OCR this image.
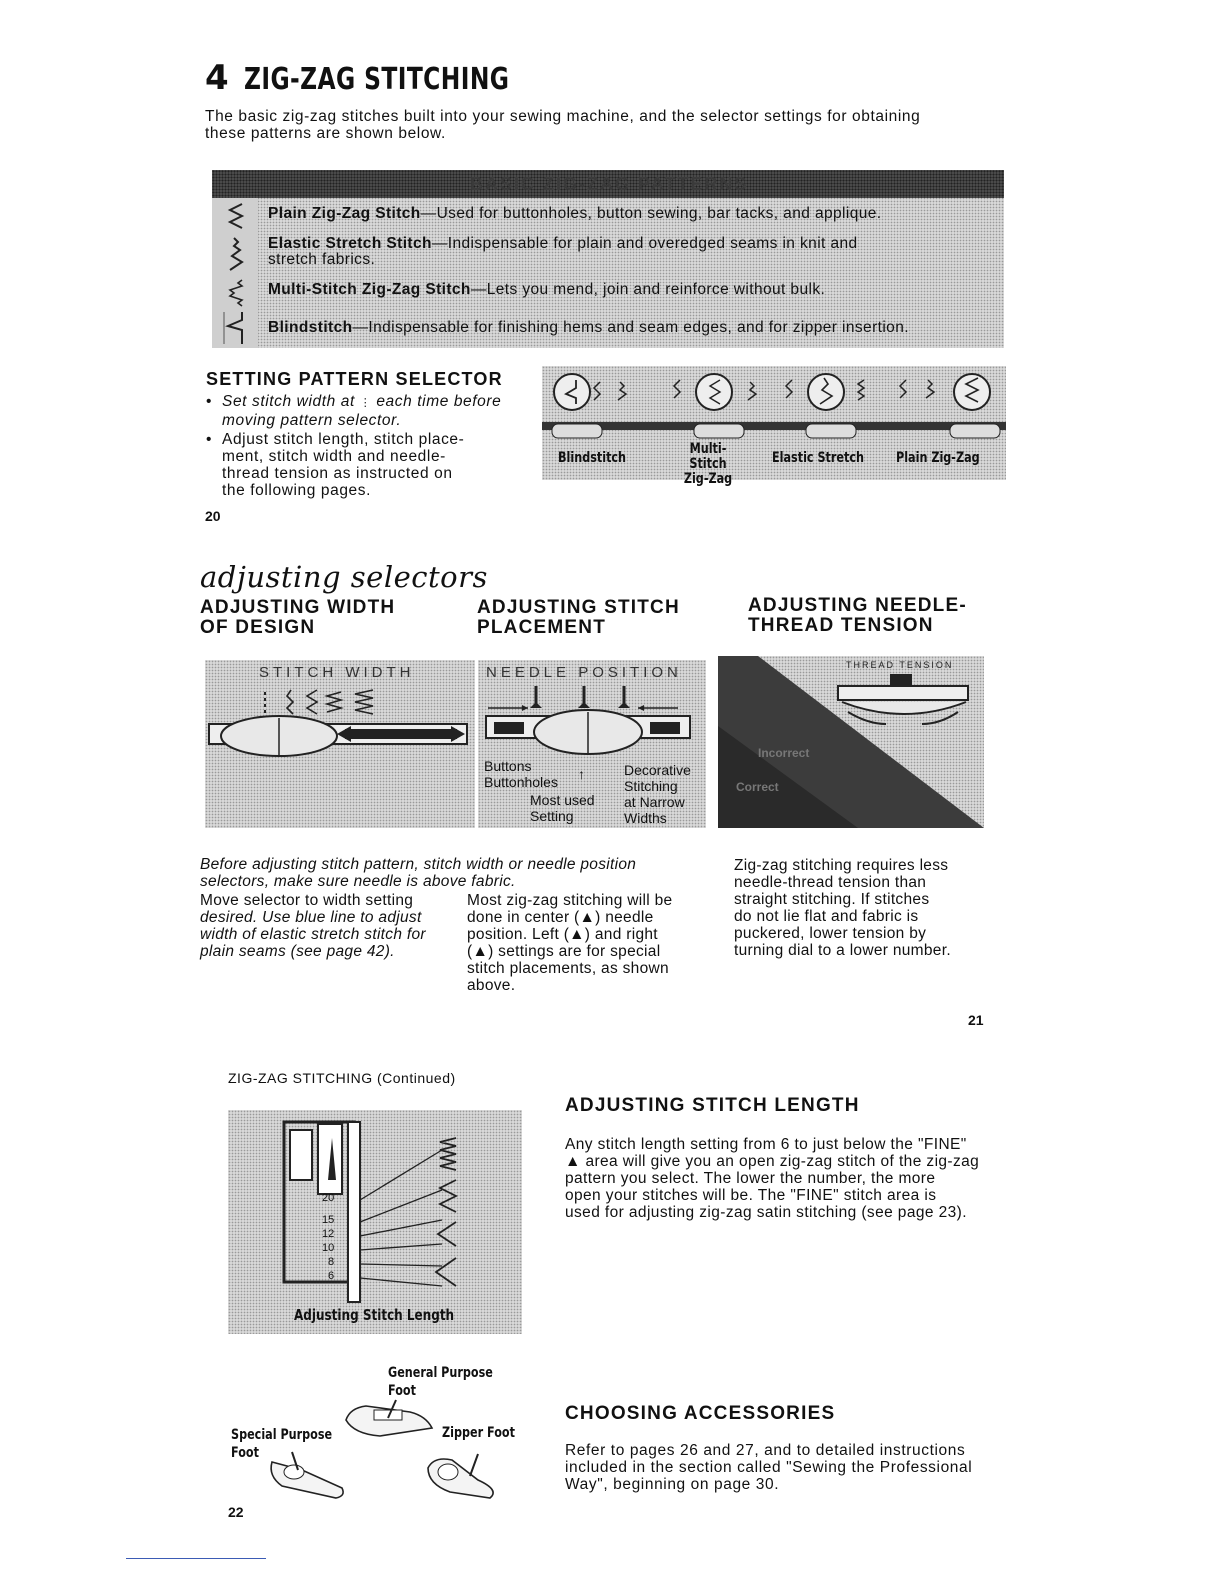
4 ZIG-ZAG STITCHING
The basic zig-zag stitches built into your sewing machine, and the selector settings for obtaining
these patterns are shown below.
BASIC ZIG-ZAG PATTERNS
Plain Zig-Zag Stitch—Used for buttonholes, button sewing, bar tacks, and applique.
Elastic Stretch Stitch—Indispensable for plain and overedged seams in knit and
stretch fabrics.
Multi-Stitch Zig-Zag Stitch—Lets you mend, join and reinforce without bulk.
Blindstitch—Indispensable for finishing hems and seam edges, and for zipper insertion.
SETTING PATTERN SELECTOR
• Set stitch width at ⋮ each time before
moving pattern selector.
• Adjust stitch length, stitch place-
ment, stitch width and needle-
thread tension as instructed on
the following pages.
Blindstitch
Multi-Stitch Zig-Zag
Elastic Stretch	Plain Zig-Zag
20
adjusting selectors
ADJUSTING WIDTH
OF DESIGN
ADJUSTING STITCH
PLACEMENT
ADJUSTING NEEDLE-
THREAD TENSION
STITCH WIDTH	NEEDLE POSITION
Buttons
Buttonholes ↑
Most used
Setting
Decorative
Stitching
at Narrow
Widths
THREAD TENSION
Incorrect
Correct
Before adjusting stitch pattern, stitch width or needle position
selectors, make sure needle is above fabric.
Move selector to width setting
desired. Use blue line to adjust
width of elastic stretch stitch for
plain seams (see page 42).
Most zig-zag stitching will be
done in center (▲) needle
position. Left (▲) and right
(▲) settings are for special
stitch placements, as shown
above.
Zig-zag stitching requires less
needle-thread tension than
straight stitching. If stitches
do not lie flat and fabric is
puckered, lower tension by
turning dial to a lower number.
21
ZIG-ZAG STITCHING (Continued)
20
15
12
10
8
6
Adjusting Stitch Length
ADJUSTING STITCH LENGTH
Any stitch length setting from 6 to just below the "FINE"
▲ area will give you an open zig-zag stitch of the zig-zag
pattern you select. The lower the number, the more
open your stitches will be. The "FINE" stitch area is
used for adjusting zig-zag satin stitching (see page 23).
General Purpose
Foot
Special Purpose
Foot
Zipper Foot
CHOOSING ACCESSORIES
Refer to pages 26 and 27, and to detailed instructions
included in the section called "Sewing the Professional
Way", beginning on page 30.
22
